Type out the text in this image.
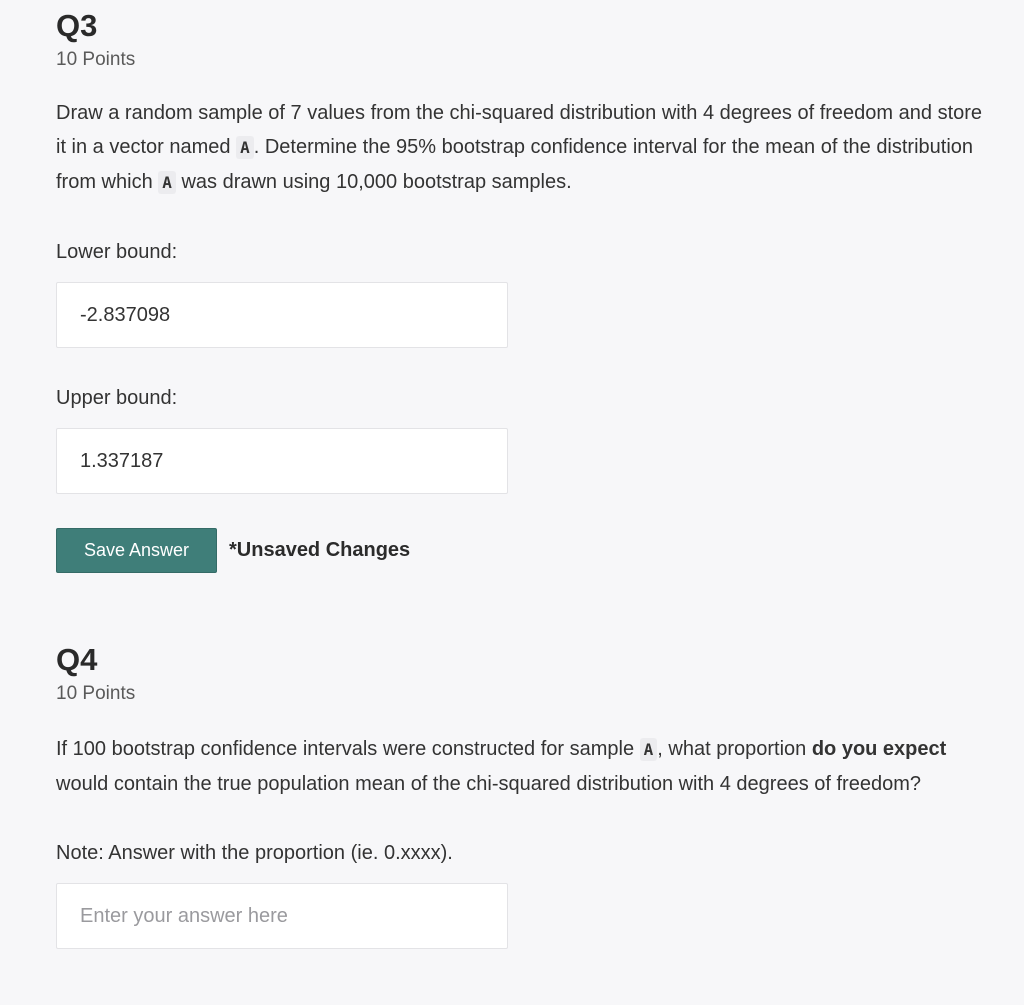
Q3

10 Points

Draw a random sample of 7 values from the chi-squared distribution with 4 degrees of freedom and store it in a vector named A . Determine the 95% bootstrap confidence interval for the mean of the distribution from which A was drawn using 10,000 bootstrap samples.

Lower bound:

-2.837098

Upper bound:

1.337187
Save Answer	*Unsaved Changes
Q4

10 Points

If 100 bootstrap confidence intervals were constructed for sample A , what proportion do you expect would contain the true population mean of the chi-squared distribution with 4 degrees of freedom?

Note: Answer with the proportion (ie. 0.xxxx).

Enter your answer here
